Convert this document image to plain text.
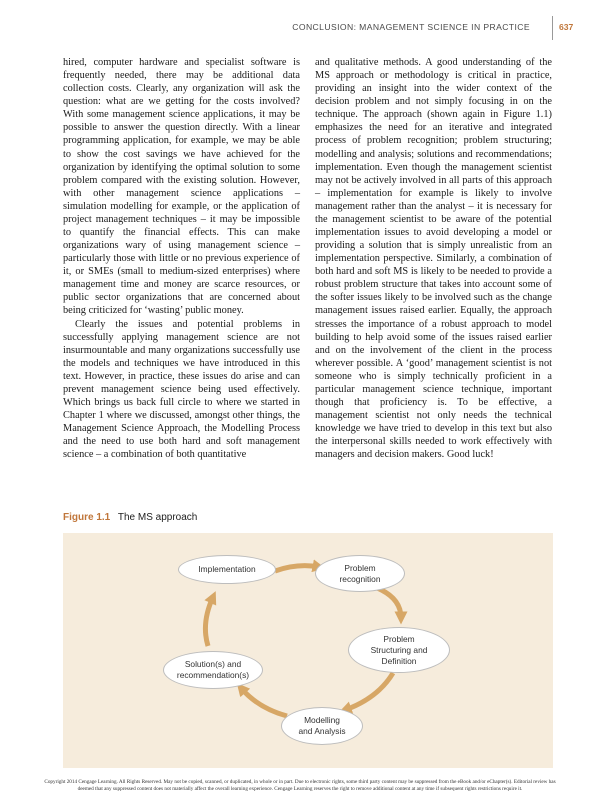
CONCLUSION: MANAGEMENT SCIENCE IN PRACTICE	637

hired, computer hardware and specialist software is frequently needed, there may be additional data collection costs. Clearly, any organization will ask the question: what are we getting for the costs involved? With some management science applications, it may be possible to answer the question directly. With a linear programming application, for example, we may be able to show the cost savings we have achieved for the organization by identifying the optimal solution to some problem compared with the existing solution. However, with other management science applications – simulation modelling for example, or the application of project management techniques – it may be impossible to quantify the financial effects. This can make organizations wary of using management science – particularly those with little or no previous experience of it, or SMEs (small to medium-sized enterprises) where management time and money are scarce resources, or public sector organizations that are concerned about being criticized for ‘wasting’ public money.

Clearly the issues and potential problems in successfully applying management science are not insurmountable and many organizations successfully use the models and techniques we have introduced in this text. However, in practice, these issues do arise and can prevent management science being used effectively. Which brings us back full circle to where we started in Chapter 1 where we discussed, amongst other things, the Management Science Approach, the Modelling Process and the need to use both hard and soft management science – a combination of both quantitative

and qualitative methods. A good understanding of the MS approach or methodology is critical in practice, providing an insight into the wider context of the decision problem and not simply focusing in on the technique. The approach (shown again in Figure 1.1) emphasizes the need for an iterative and integrated process of problem recognition; problem structuring; modelling and analysis; solutions and recommendations; implementation. Even though the management scientist may not be actively involved in all parts of this approach – implementation for example is likely to involve management rather than the analyst – it is necessary for the management scientist to be aware of the potential implementation issues to avoid developing a model or providing a solution that is simply unrealistic from an implementation perspective. Similarly, a combination of both hard and soft MS is likely to be needed to provide a robust problem structure that takes into account some of the softer issues likely to be involved such as the change management issues raised earlier. Equally, the approach stresses the importance of a robust approach to model building to help avoid some of the issues raised earlier and on the involvement of the client in the process wherever possible. A ‘good’ management scientist is not someone who is simply technically proficient in a particular management science technique, important though that proficiency is. To be effective, a management scientist not only needs the technical knowledge we have tried to develop in this text but also the interpersonal skills needed to work effectively with managers and decision makers. Good luck!

Figure 1.1 The MS approach
Implementation	Problem
recognition
Problem
Structuring and
Definition
Solution(s) and
recommendation(s)
Modelling
and Analysis
Copyright 2014 Cengage Learning. All Rights Reserved. May not be copied, scanned, or duplicated, in whole or in part. Due to electronic rights, some third party content may be suppressed from the eBook and/or eChapter(s). Editorial review has
deemed that any suppressed content does not materially affect the overall learning experience. Cengage Learning reserves the right to remove additional content at any time if subsequent rights restrictions require it.
